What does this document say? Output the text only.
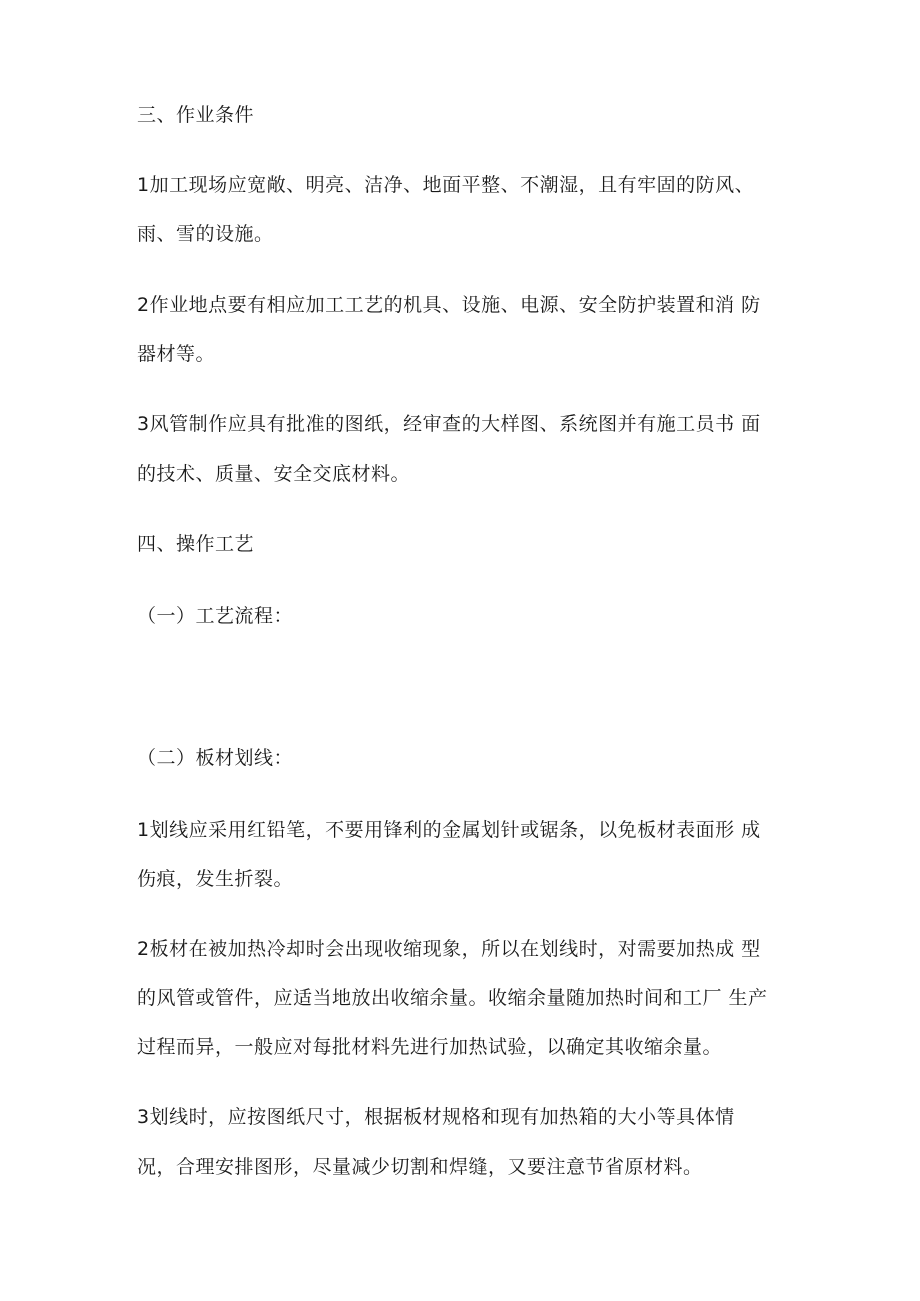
三、作业条件
1加工现场应宽敞、明亮、洁净、地面平整、不潮湿，且有牢固的防风、
雨、雪的设施。
2作业地点要有相应加工工艺的机具、设施、电源、安全防护装置和消 防
器材等。
3风管制作应具有批准的图纸，经审查的大样图、系统图并有施工员书 面
的技术、质量、安全交底材料。
四、操作工艺
（一）工艺流程：
（二）板材划线：
1划线应采用红铅笔，不要用锋利的金属划针或锯条，以免板材表面形 成
伤痕，发生折裂。
2板材在被加热冷却时会出现收缩现象，所以在划线时，对需要加热成 型
的风管或管件，应适当地放出收缩余量。收缩余量随加热时间和工厂 生产
过程而异，一般应对每批材料先进行加热试验，以确定其收缩余量。
3划线时，应按图纸尺寸，根据板材规格和现有加热箱的大小等具体情
况，合理安排图形，尽量减少切割和焊缝，又要注意节省原材料。
